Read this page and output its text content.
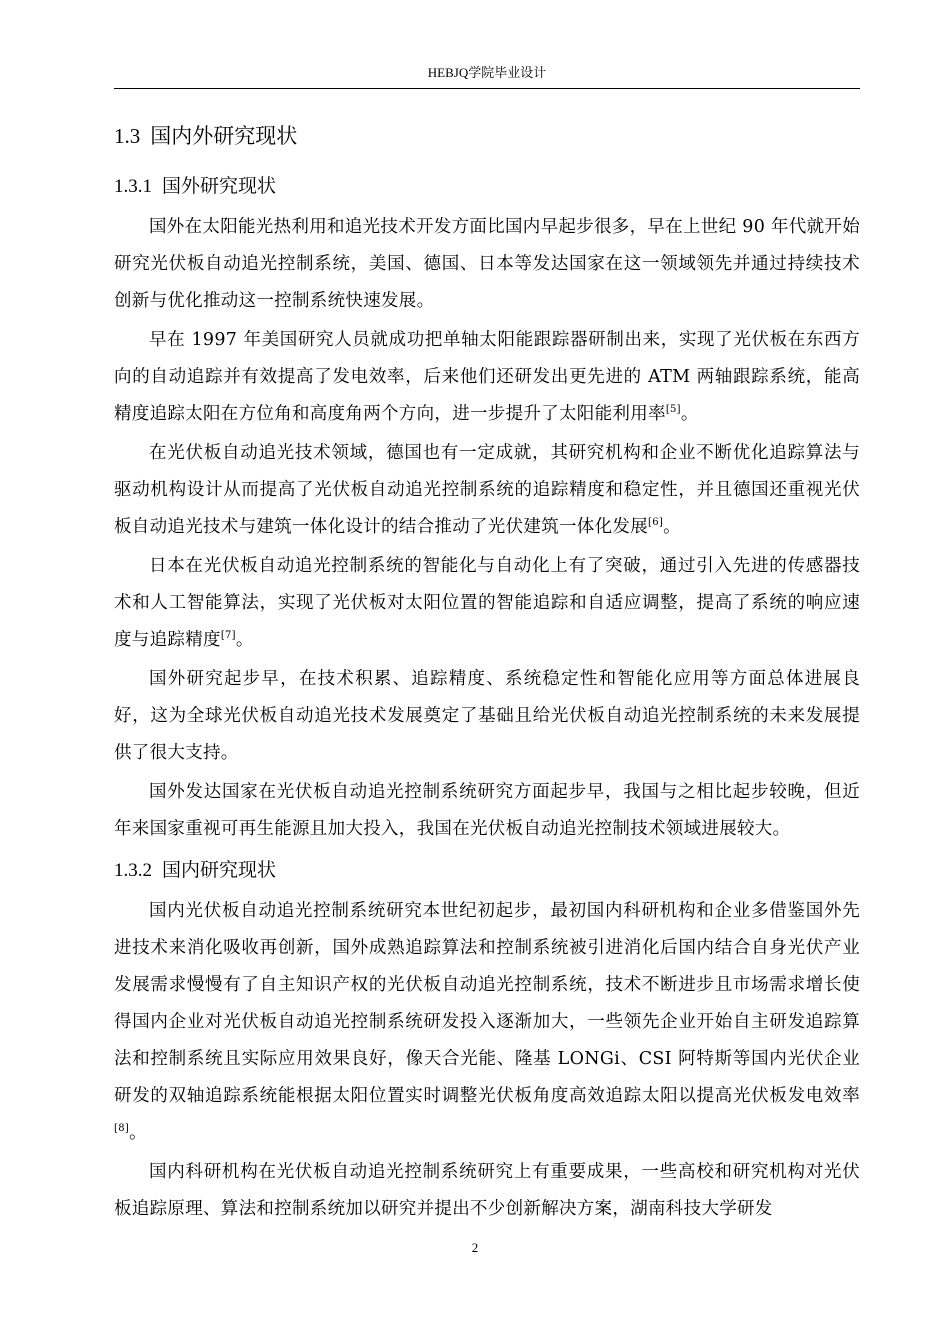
HEBJQ学院毕业设计
1.3 国内外研究现状
1.3.1 国外研究现状

国外在太阳能光热利用和追光技术开发方面比国内早起步很多，早在上世纪 90 年代就开始研究光伏板自动追光控制系统，美国、德国、日本等发达国家在这一领域领先并通过持续技术创新与优化推动这一控制系统快速发展。

早在 1997 年美国研究人员就成功把单轴太阳能跟踪器研制出来，实现了光伏板在东西方向的自动追踪并有效提高了发电效率，后来他们还研发出更先进的 ATM 两轴跟踪系统，能高精度追踪太阳在方位角和高度角两个方向，进一步提升了太阳能利用率[5]。

在光伏板自动追光技术领域，德国也有一定成就，其研究机构和企业不断优化追踪算法与驱动机构设计从而提高了光伏板自动追光控制系统的追踪精度和稳定性，并且德国还重视光伏板自动追光技术与建筑一体化设计的结合推动了光伏建筑一体化发展[6]。

日本在光伏板自动追光控制系统的智能化与自动化上有了突破，通过引入先进的传感器技术和人工智能算法，实现了光伏板对太阳位置的智能追踪和自适应调整，提高了系统的响应速度与追踪精度[7]。

国外研究起步早，在技术积累、追踪精度、系统稳定性和智能化应用等方面总体进展良好，这为全球光伏板自动追光技术发展奠定了基础且给光伏板自动追光控制系统的未来发展提供了很大支持。

国外发达国家在光伏板自动追光控制系统研究方面起步早，我国与之相比起步较晚，但近年来国家重视可再生能源且加大投入，我国在光伏板自动追光控制技术领域进展较大。

1.3.2 国内研究现状

国内光伏板自动追光控制系统研究本世纪初起步，最初国内科研机构和企业多借鉴国外先进技术来消化吸收再创新，国外成熟追踪算法和控制系统被引进消化后国内结合自身光伏产业发展需求慢慢有了自主知识产权的光伏板自动追光控制系统，技术不断进步且市场需求增长使得国内企业对光伏板自动追光控制系统研发投入逐渐加大，一些领先企业开始自主研发追踪算法和控制系统且实际应用效果良好，像天合光能、隆基 LONGi、CSI 阿特斯等国内光伏企业研发的双轴追踪系统能根据太阳位置实时调整光伏板角度高效追踪太阳以提高光伏板发电效率[8]。

国内科研机构在光伏板自动追光控制系统研究上有重要成果，一些高校和研究机构对光伏板追踪原理、算法和控制系统加以研究并提出不少创新解决方案，湖南科技大学研发

2
